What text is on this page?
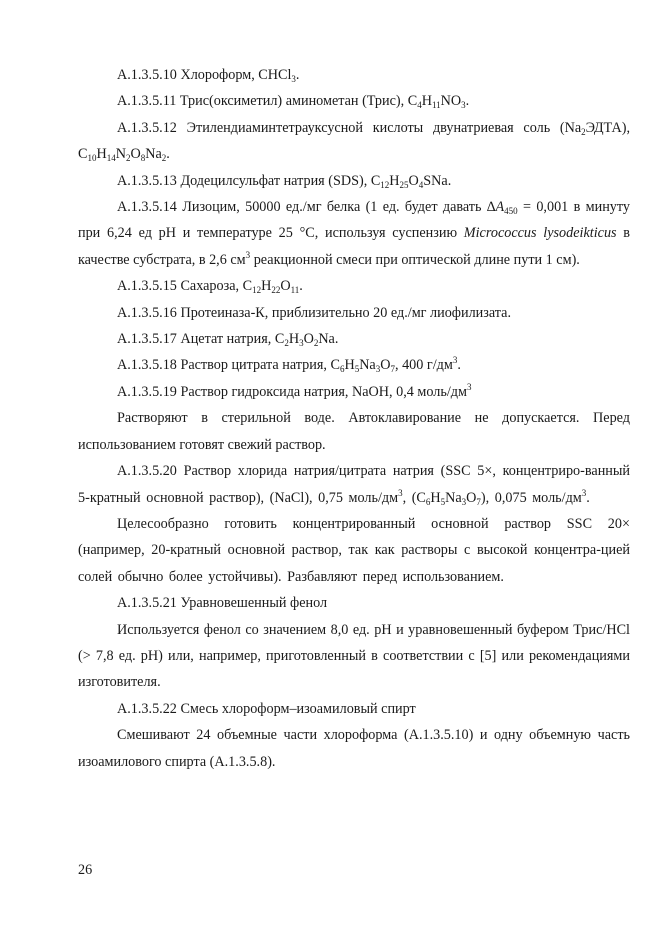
А.1.3.5.10 Хлороформ, CHCl$_3$.

А.1.3.5.11 Трис(оксиметил) аминометан (Трис), $C_4H_{11}NO_3$.

А.1.3.5.12 Этилендиаминтетрауксусной кислоты двунатриевая соль $(Na_2ЭДТА)$, $C_{10}H_{14}N_2O_8Na_2$.

А.1.3.5.13 Додецилсульфат натрия (SDS), $C_{12}H_{25}O_4SNa$.

А.1.3.5.14 Лизоцим, 50000 ед./мг белка (1 ед. будет давать $\Delta A_{450} = 0,001$ в минуту при 6,24 ед pH и температуре 25 °C, используя суспензию Micrococcus lysodeikticus в качестве субстрата, в 2,6 $см^3$ реакционной смеси при оптической длине пути 1 см).

А.1.3.5.15 Сахароза, $C_{12}H_{22}O_{11}$.

А.1.3.5.16 Протеиназа-К, приблизительно 20 ед./мг лиофилизата.

А.1.3.5.17 Ацетат натрия, $C_2H_3O_2Na$.

А.1.3.5.18 Раствор цитрата натрия, $C_6H_5Na_3O_7$, 400 $г/дм^3$.

А.1.3.5.19 Раствор гидроксида натрия, NaOH, 0,4 моль/$дм^3$

Растворяют в стерильной воде. Автоклавирование не допускается. Перед использованием готовят свежий раствор.

А.1.3.5.20 Раствор хлорида натрия/цитрата натрия (SSC 5×, концентриро-ванный 5-кратный основной раствор), (NaCl), 0,75 моль/$дм^3$, $(C_6H_5Na_3O_7)$, 0,075 моль/$дм^3$.

Целесообразно готовить концентрированный основной раствор SSC 20× (например, 20-кратный основной раствор, так как растворы с высокой концентра-цией солей обычно более устойчивы). Разбавляют перед использованием.

А.1.3.5.21 Уравновешенный фенол

Используется фенол со значением 8,0 ед. pH и уравновешенный буфером Трис/HCl (> 7,8 ед. pH) или, например, приготовленный в соответствии с [5] или рекомендациями изготовителя.

А.1.3.5.22 Смесь хлороформ–изоамиловый спирт

Смешивают 24 объемные части хлороформа (А.1.3.5.10) и одну объемную часть изоамилового спирта (А.1.3.5.8).

26
